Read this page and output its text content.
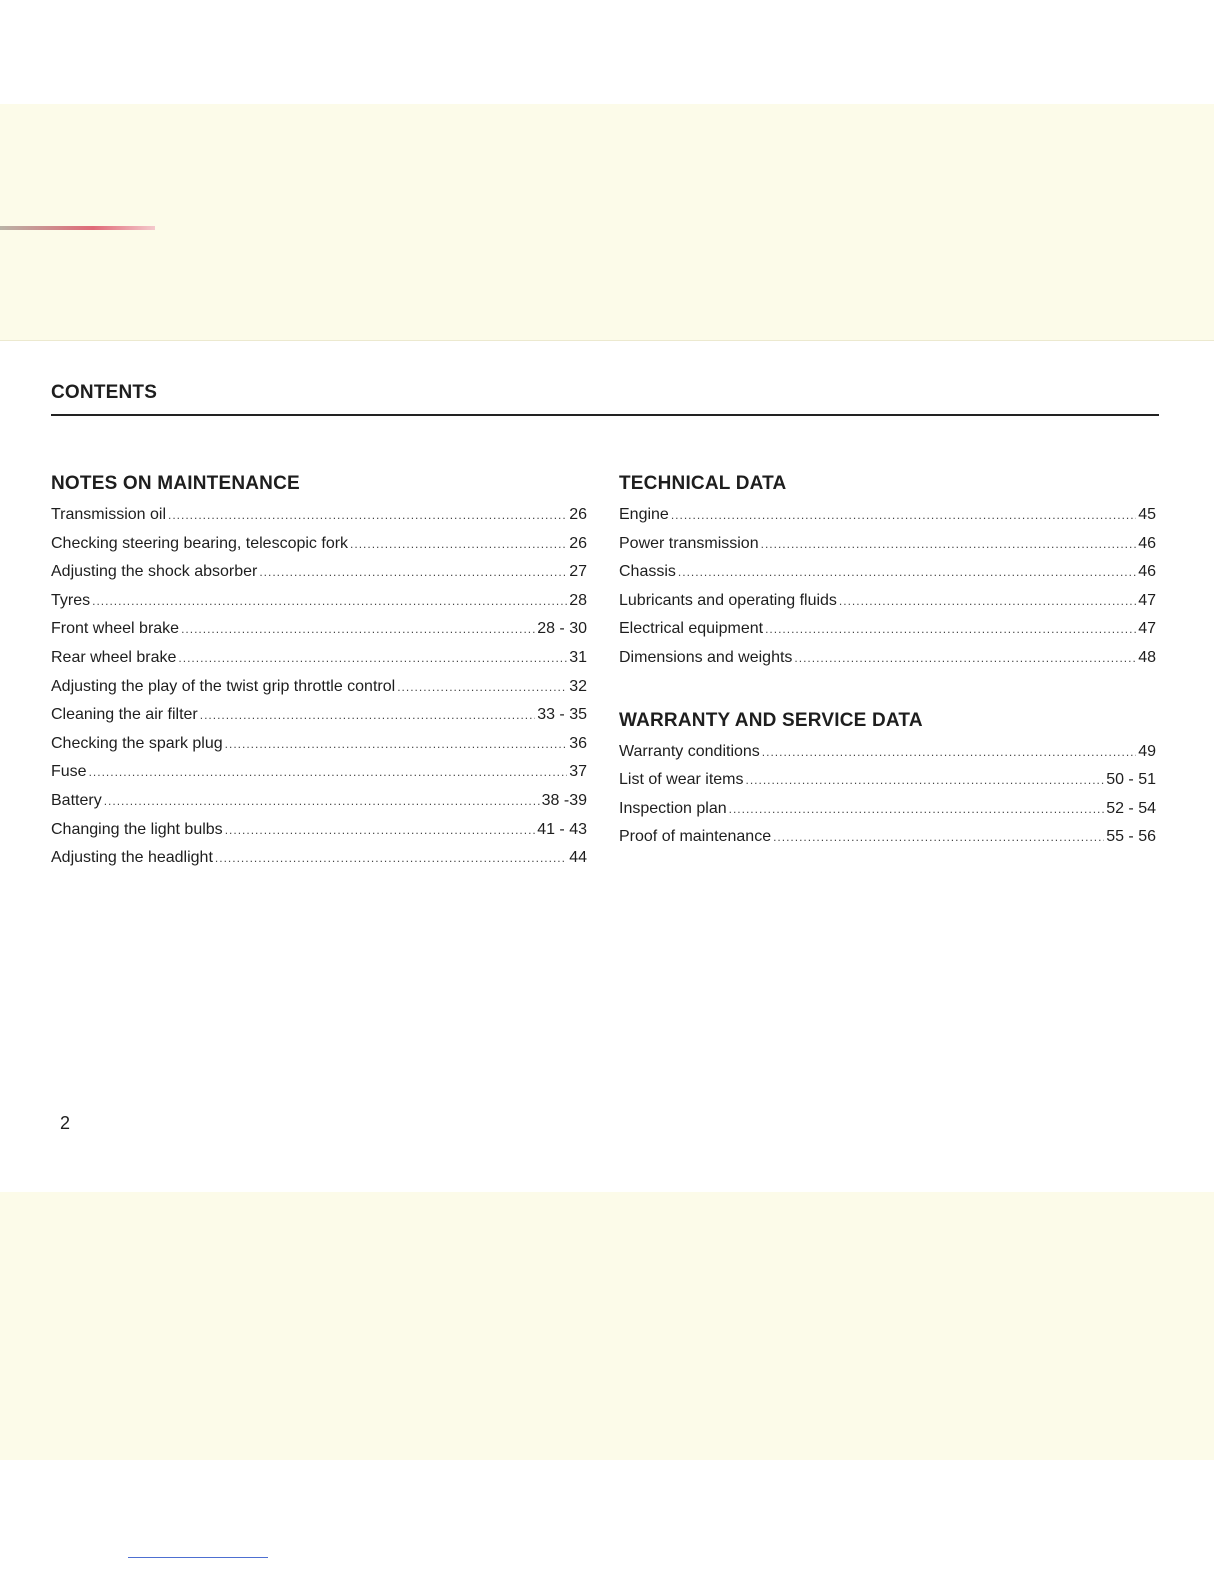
CONTENTS
NOTES ON MAINTENANCE
Transmission oil .....	26
Checking steering bearing, telescopic fork .....	26
Adjusting the shock absorber .....	27
Tyres .....	28
Front wheel brake .....	28 - 30
Rear wheel brake .....	31
Adjusting the play of the twist grip throttle control .....	32
Cleaning the air filter .....	33 - 35
Checking the spark plug .....	36
Fuse .....	37
Battery .....	38 -39
Changing the light bulbs .....	41 - 43
Adjusting the headlight .....	44
TECHNICAL DATA
Engine .....	45
Power transmission .....	46
Chassis .....	46
Lubricants and operating fluids .....	47
Electrical equipment .....	47
Dimensions and weights .....	48
WARRANTY AND SERVICE DATA
Warranty conditions .....	49
List of wear items .....	50 - 51
Inspection plan .....	52 - 54
Proof of maintenance .....	55 - 56
2
